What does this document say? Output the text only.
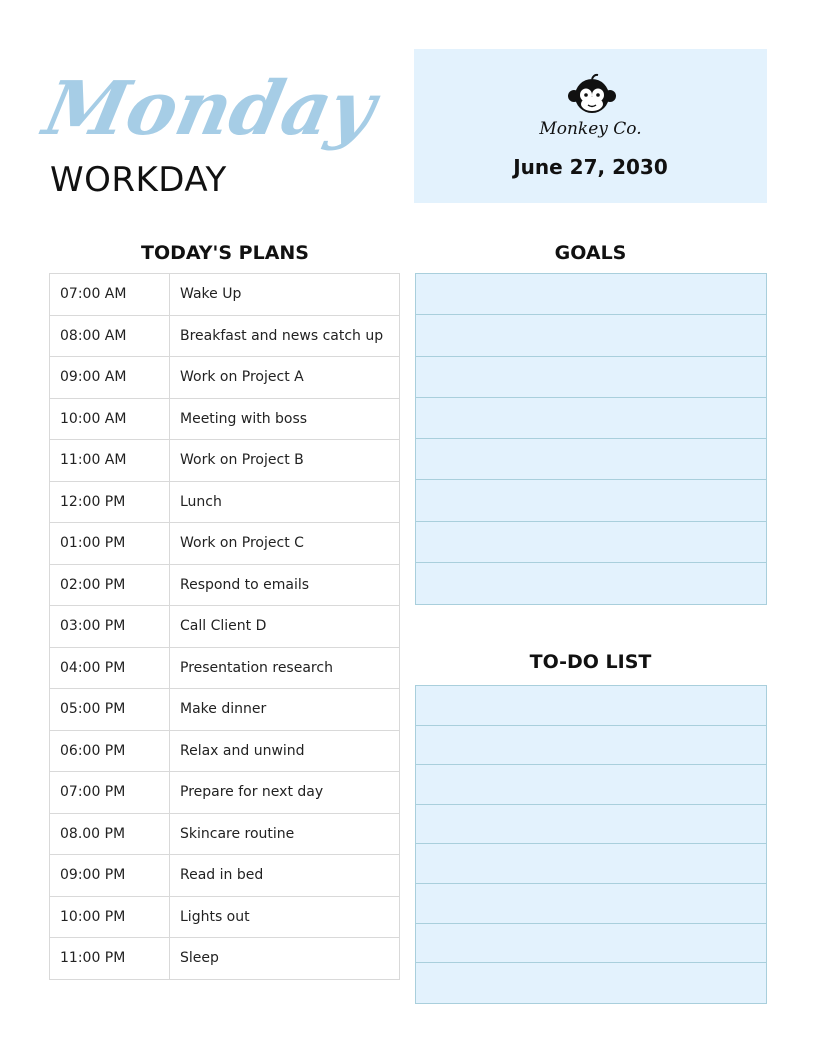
Monday
WORKDAY
Monkey Co.
June 27, 2030
TODAY'S PLANS	GOALS
TO-DO LIST
07:00 AM	Wake Up
08:00 AM	Breakfast and news catch up
09:00 AM	Work on Project A
10:00 AM	Meeting with boss
11:00 AM	Work on Project B
12:00 PM	Lunch
01:00 PM	Work on Project C
02:00 PM	Respond to emails
03:00 PM	Call Client D
04:00 PM	Presentation research
05:00 PM	Make dinner
06:00 PM	Relax and unwind
07:00 PM	Prepare for next day
08.00 PM	Skincare routine
09:00 PM	Read in bed
10:00 PM	Lights out
11:00 PM	Sleep
